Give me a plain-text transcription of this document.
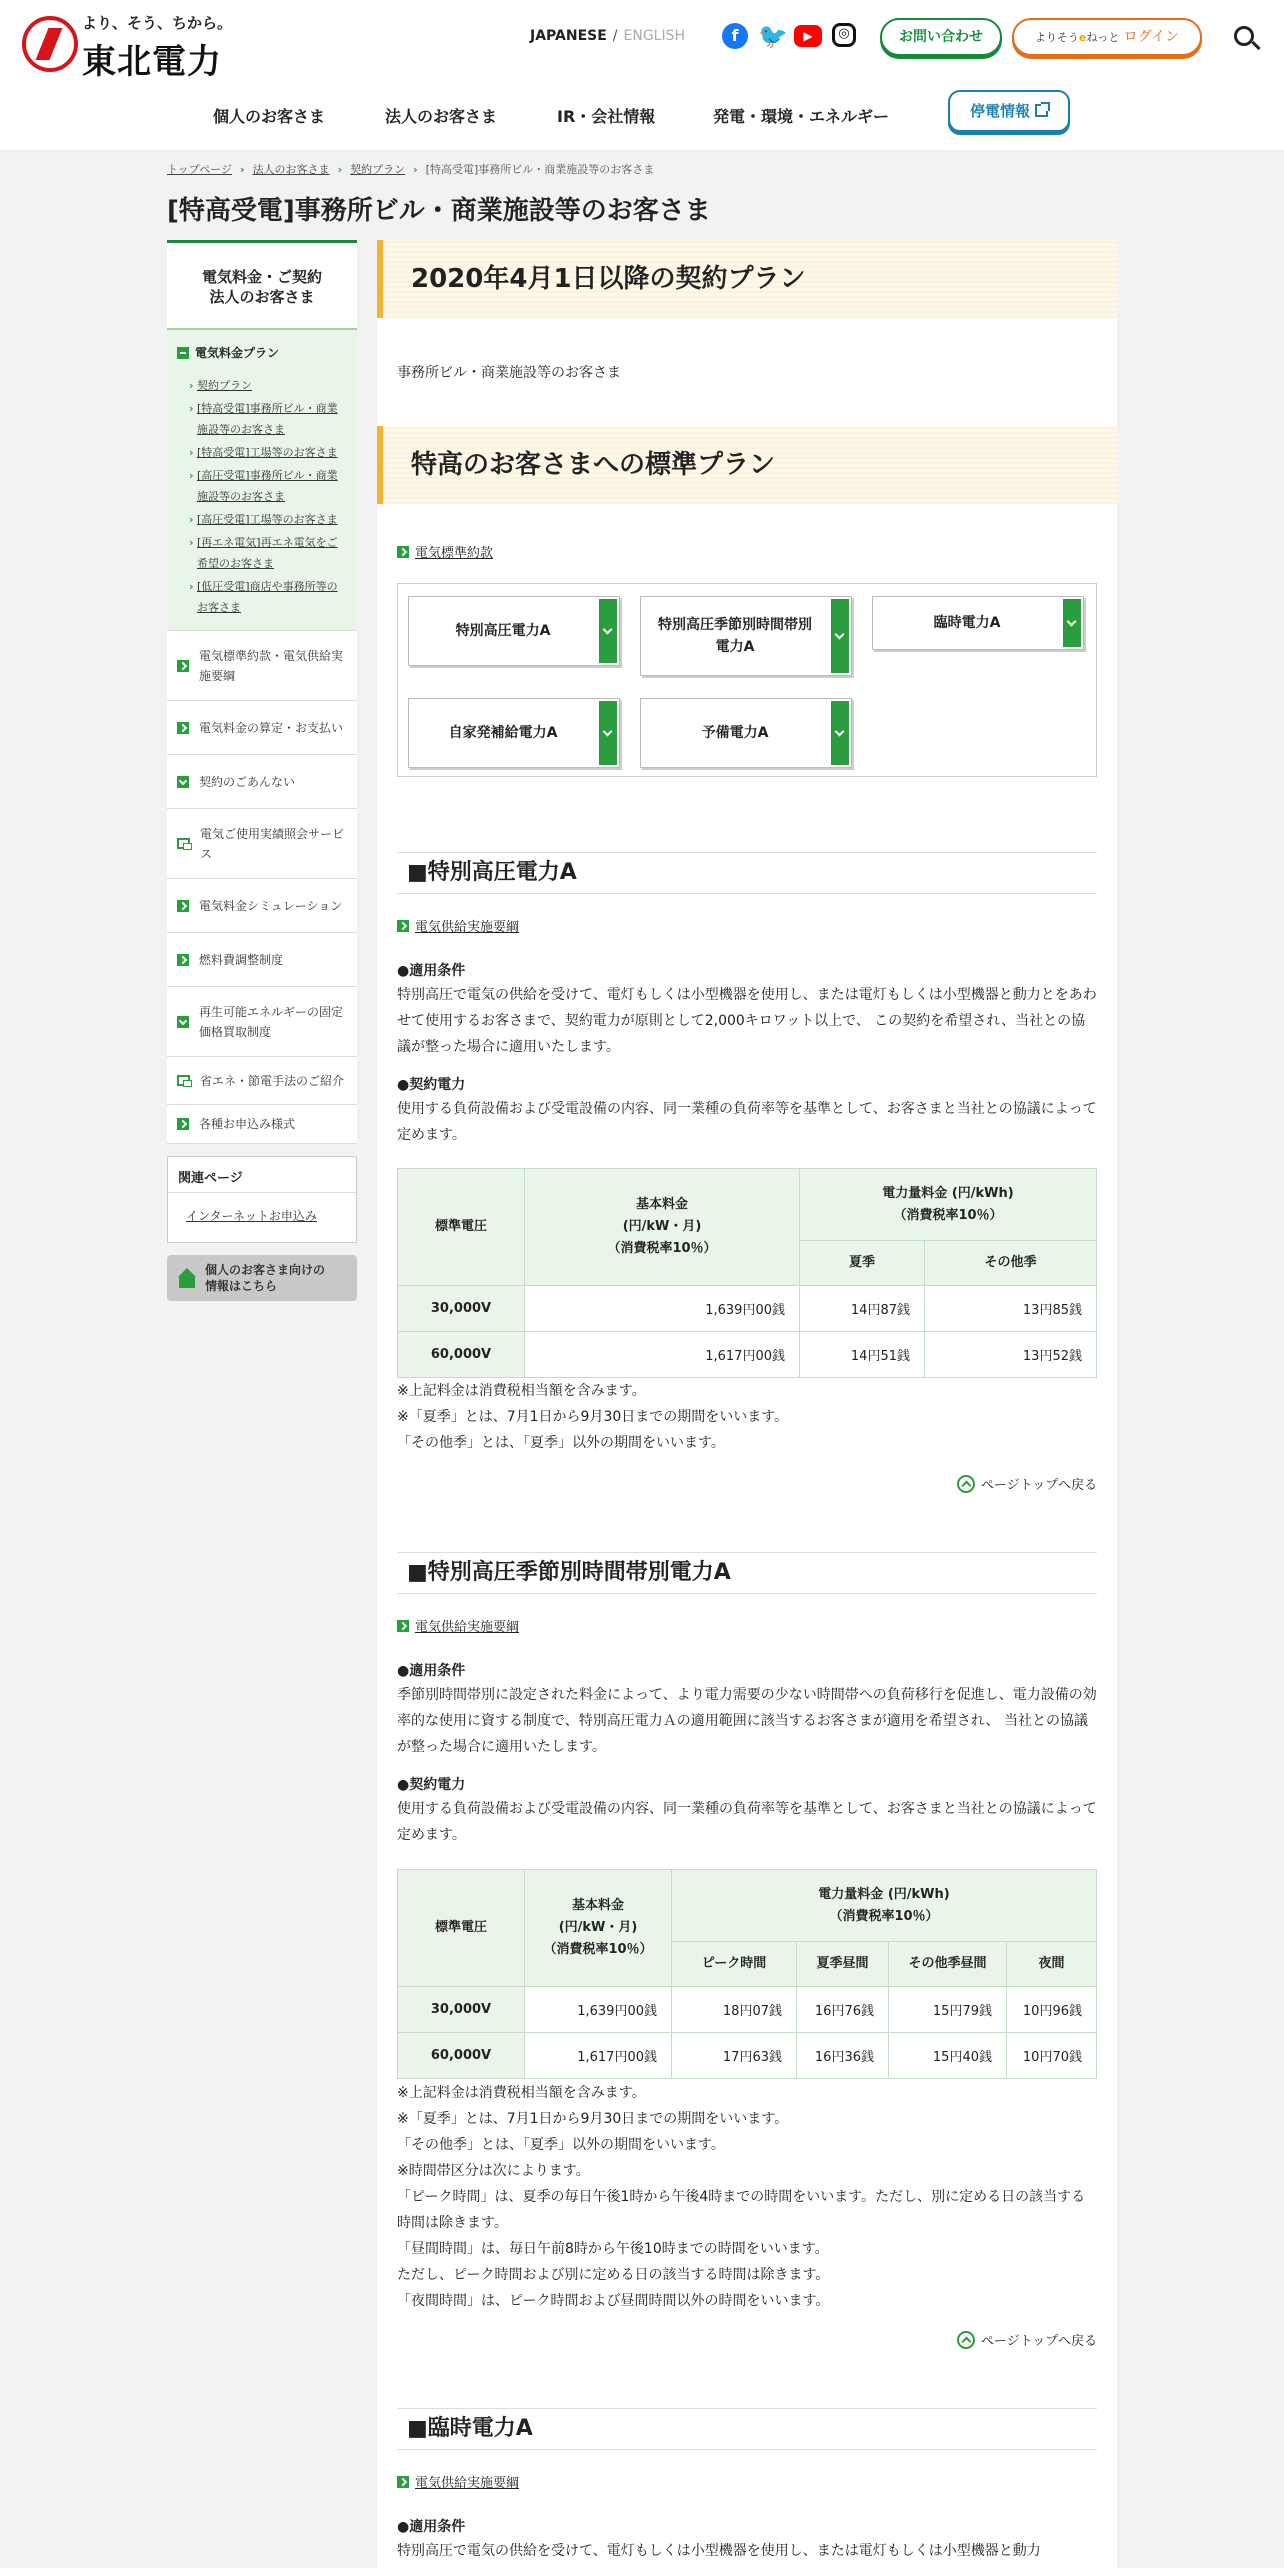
より、そう、ちから。
東北電力
JAPANESE / ENGLISH	f 🐦	▶	◎	お問い合わせ	よりそうeねっと ログイン
個人のお客さま	法人のお客さま	IR・会社情報	発電・環境・エネルギー	停電情報
トップページ › 法人のお客さま › 契約プラン › [特高受電]事務所ビル・商業施設等のお客さま
[特高受電]事務所ビル・商業施設等のお客さま
電気料金・ご契約
法人のお客さま
電気料金プラン
› 契約プラン
› [特高受電]事務所ビル・商業施設等のお客さま
› [特高受電]工場等のお客さま
› [高圧受電]事務所ビル・商業施設等のお客さま
› [高圧受電]工場等のお客さま
› [再エネ電気]再エネ電気をご希望のお客さま
› [低圧受電]商店や事務所等のお客さま
電気標準約款・電気供給実施要綱
電気料金の算定・お支払い
契約のごあんない
電気ご使用実績照会サービス
電気料金シミュレーション
燃料費調整制度
再生可能エネルギーの固定価格買取制度
省エネ・節電手法のご紹介
各種お申込み様式
関連ページ
インターネットお申込み
個人のお客さま向けの
情報はこちら
2020年4月1日以降の契約プラン
事務所ビル・商業施設等のお客さま
特高のお客さまへの標準プラン
電気標準約款
特別高圧電力A	特別高圧季節別時間帯別電力A
臨時電力A
自家発補給電力A	予備電力A
■特別高圧電力A
電気供給実施要綱
●適用条件
特別高圧で電気の供給を受けて、電灯もしくは小型機器を使用し、または電灯もしくは小型機器と動力とをあわせて使用するお客さまで、契約電力が原則として2,000キロワット以上で、 この契約を希望され、当社との協議が整った場合に適用いたします。
●契約電力
使用する負荷設備および受電設備の内容、同一業種の負荷率等を基準として、お客さまと当社との協議によって定めます。
標準電圧	基本料金
(円/kW・月)
（消費税率10％）	電力量料金 (円/kWh)
（消費税率10％）	
		夏季	その他季
30,000V	1,639円00銭	14円87銭	13円85銭
60,000V	1,617円00銭	14円51銭	13円52銭
※上記料金は消費税相当額を含みます。
※「夏季」とは、7月1日から9月30日までの期間をいいます。
「その他季」とは、「夏季」以外の期間をいいます。
ページトップへ戻る
■特別高圧季節別時間帯別電力A
電気供給実施要綱
●適用条件
季節別時間帯別に設定された料金によって、より電力需要の少ない時間帯への負荷移行を促進し、電力設備の効率的な使用に資する制度で、特別高圧電力Ａの適用範囲に該当するお客さまが適用を希望され、 当社との協議が整った場合に適用いたします。
●契約電力
使用する負荷設備および受電設備の内容、同一業種の負荷率等を基準として、お客さまと当社との協議によって定めます。
標準電圧	基本料金
(円/kW・月)
（消費税率10％）	電力量料金 (円/kWh)
（消費税率10％）			
		ピーク時間	夏季昼間	その他季昼間	夜間
30,000V	1,639円00銭	18円07銭	16円76銭	15円79銭	10円96銭
60,000V	1,617円00銭	17円63銭	16円36銭	15円40銭	10円70銭
※上記料金は消費税相当額を含みます。
※「夏季」とは、7月1日から9月30日までの期間をいいます。
「その他季」とは、「夏季」以外の期間をいいます。
※時間帯区分は次によります。
「ピーク時間」は、夏季の毎日午後1時から午後4時までの時間をいいます。ただし、別に定める日の該当する時間は除きます。
「昼間時間」は、毎日午前8時から午後10時までの時間をいいます。
ただし、ピーク時間および別に定める日の該当する時間は除きます。
「夜間時間」は、ピーク時間および昼間時間以外の時間をいいます。
ページトップへ戻る
■臨時電力A
電気供給実施要綱
●適用条件
特別高圧で電気の供給を受けて、電灯もしくは小型機器を使用し、または電灯もしくは小型機器と動力
